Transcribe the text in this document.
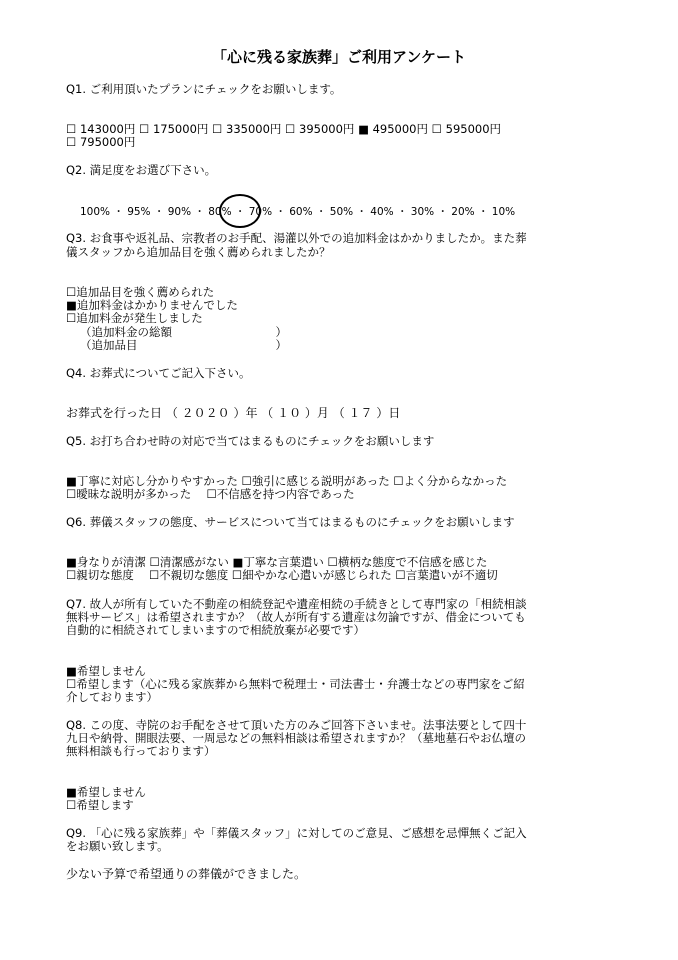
「心に残る家族葬」ご利用アンケート
Q1. ご利用頂いたプランにチェックをお願いします。
☐ 143000円 ☐ 175000円 ☐ 335000円 ☐ 395000円 ■ 495000円 ☐ 595000円
☐ 795000円
Q2. 満足度をお選び下さい。
100% ・ 95% ・ 90% ・ 80% ・ 70% ・ 60% ・ 50% ・ 40% ・ 30% ・ 20% ・ 10%
Q3. お食事や返礼品、宗教者のお手配、湯灌以外での追加料金はかかりましたか。また葬
儀スタッフから追加品目を強く薦められましたか？
☐追加品目を強く薦められた
■追加料金はかかりませんでした
☐追加料金が発生しました
（追加料金の総額　　　　　　　　　）
（追加品目　　　　　　　　　　　　）
Q4. お葬式についてご記入下さい。
お葬式を行った日 （ ２０２０ ）年 （ １０ ）月 （ １７ ）日
Q5. お打ち合わせ時の対応で当てはまるものにチェックをお願いします
■丁寧に対応し分かりやすかった ☐強引に感じる説明があった ☐よく分からなかった
☐曖昧な説明が多かった　 ☐不信感を持つ内容であった
Q6. 葬儀スタッフの態度、サービスについて当てはまるものにチェックをお願いします
■身なりが清潔 ☐清潔感がない ■丁寧な言葉遣い ☐横柄な態度で不信感を感じた
☐親切な態度　 ☐不親切な態度 ☐細やかな心遣いが感じられた ☐言葉遣いが不適切
Q7. 故人が所有していた不動産の相続登記や遺産相続の手続きとして専門家の「相続相談
無料サービス」は希望されますか？（故人が所有する遺産は勿論ですが、借金についても
自動的に相続されてしまいますので相続放棄が必要です）
■希望しません
☐希望します（心に残る家族葬から無料で税理士・司法書士・弁護士などの専門家をご紹
介しております）
Q8. この度、寺院のお手配をさせて頂いた方のみご回答下さいませ。法事法要として四十
九日や納骨、開眼法要、一周忌などの無料相談は希望されますか？（墓地墓石やお仏壇の
無料相談も行っております）
■希望しません
☐希望します
Q9. 「心に残る家族葬」や「葬儀スタッフ」に対してのご意見、ご感想を忌憚無くご記入
をお願い致します。
少ない予算で希望通りの葬儀ができました。
